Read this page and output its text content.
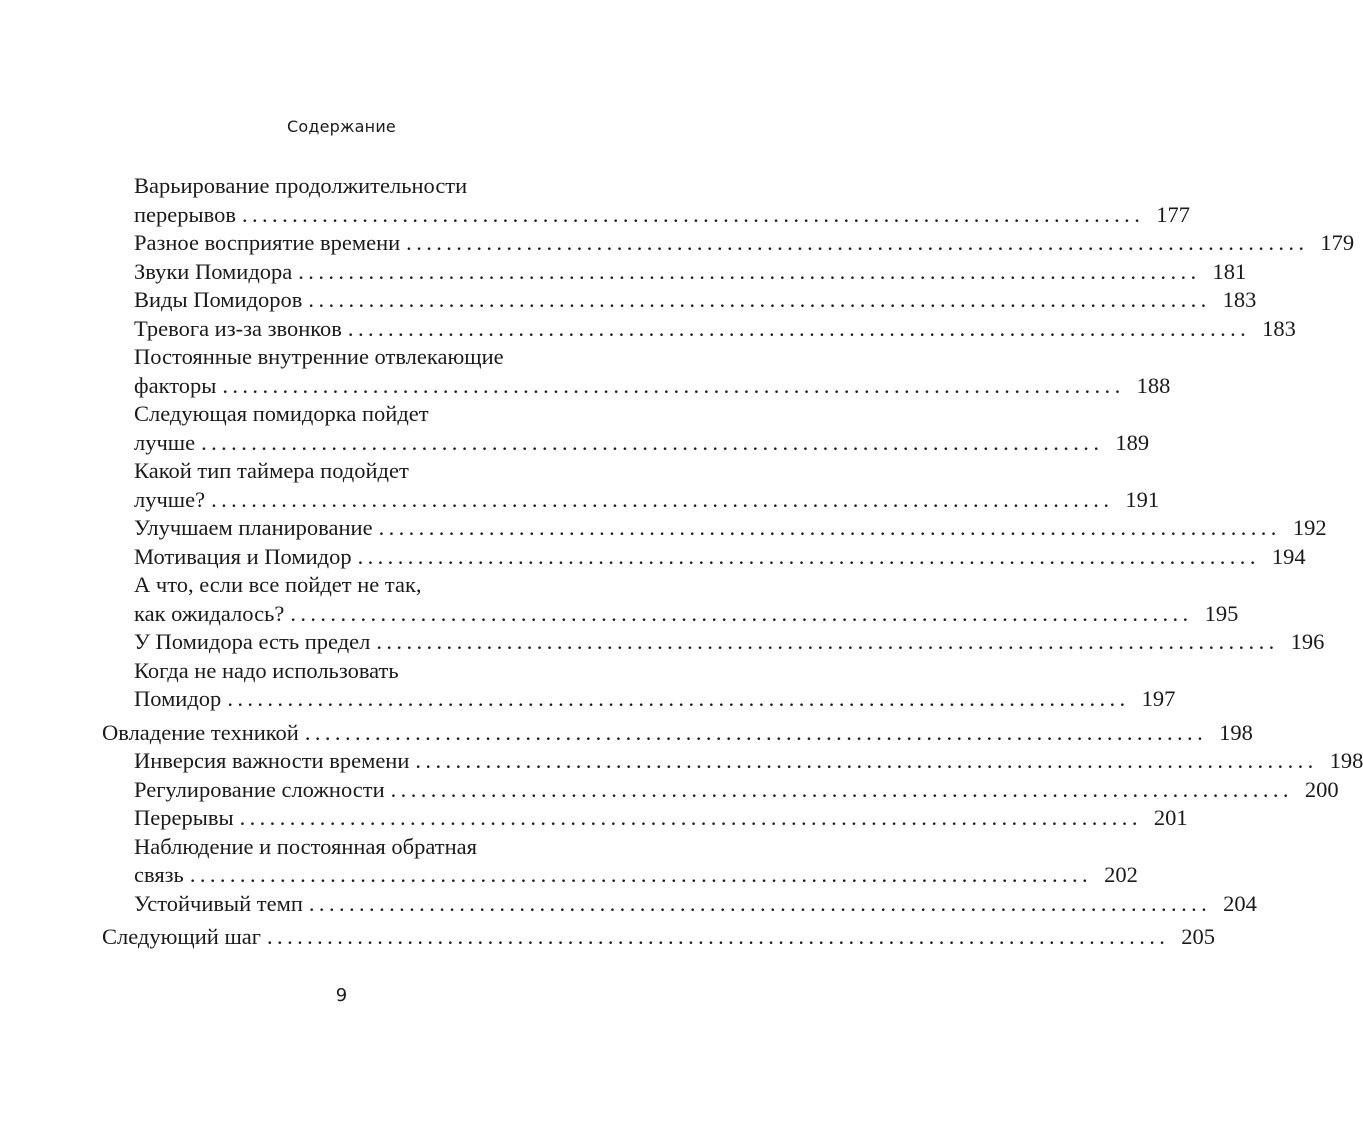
Содержание
Варьирование продолжительности
перерывов .......................................................................................... 177
Разное восприятие времени .......................................................................................... 179
Звуки Помидора .......................................................................................... 181
Виды Помидоров .......................................................................................... 183
Тревога из-за звонков .......................................................................................... 183
Постоянные внутренние отвлекающие
факторы .......................................................................................... 188
Следующая помидорка пойдет
лучше .......................................................................................... 189
Какой тип таймера подойдет
лучше? .......................................................................................... 191
Улучшаем планирование .......................................................................................... 192
Мотивация и Помидор .......................................................................................... 194
А что, если все пойдет не так,
как ожидалось? .......................................................................................... 195
У Помидора есть предел .......................................................................................... 196
Когда не надо использовать
Помидор .......................................................................................... 197
Овладение техникой .......................................................................................... 198
Инверсия важности времени .......................................................................................... 198
Регулирование сложности .......................................................................................... 200
Перерывы .......................................................................................... 201
Наблюдение и постоянная обратная
связь .......................................................................................... 202
Устойчивый темп .......................................................................................... 204
Следующий шаг .......................................................................................... 205
9
